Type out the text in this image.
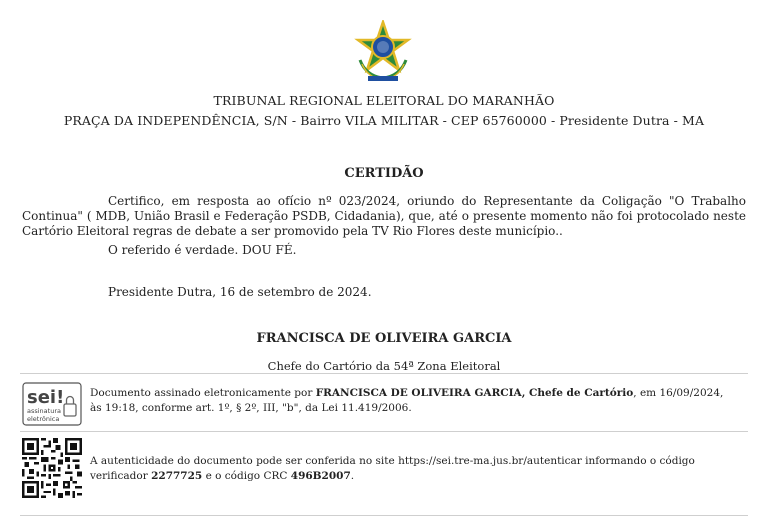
TRIBUNAL REGIONAL ELEITORAL DO MARANHÃO
PRAÇA DA INDEPENDÊNCIA, S/N - Bairro VILA MILITAR - CEP 65760000 - Presidente Dutra - MA
CERTIDÃO
Certifico, em resposta ao ofício nº 023/2024, oriundo do Representante da Coligação "O Trabalho Continua" ( MDB, União Brasil e Federação PSDB, Cidadania), que, até o presente momento não foi protocolado neste Cartório Eleitoral regras de debate a ser promovido pela TV Rio Flores deste município..
O referido é verdade. DOU FÉ.
Presidente Dutra, 16 de setembro de 2024.
FRANCISCA DE OLIVEIRA GARCIA
Chefe do Cartório da 54ª Zona Eleitoral
sei!
assinatura
eletrônica
Documento assinado eletronicamente por FRANCISCA DE OLIVEIRA GARCIA, Chefe de Cartório, em 16/09/2024, às 19:18, conforme art. 1º, § 2º, III, "b", da Lei 11.419/2006.
A autenticidade do documento pode ser conferida no site https://sei.tre-ma.jus.br/autenticar informando o código verificador 2277725 e o código CRC 496B2007.
